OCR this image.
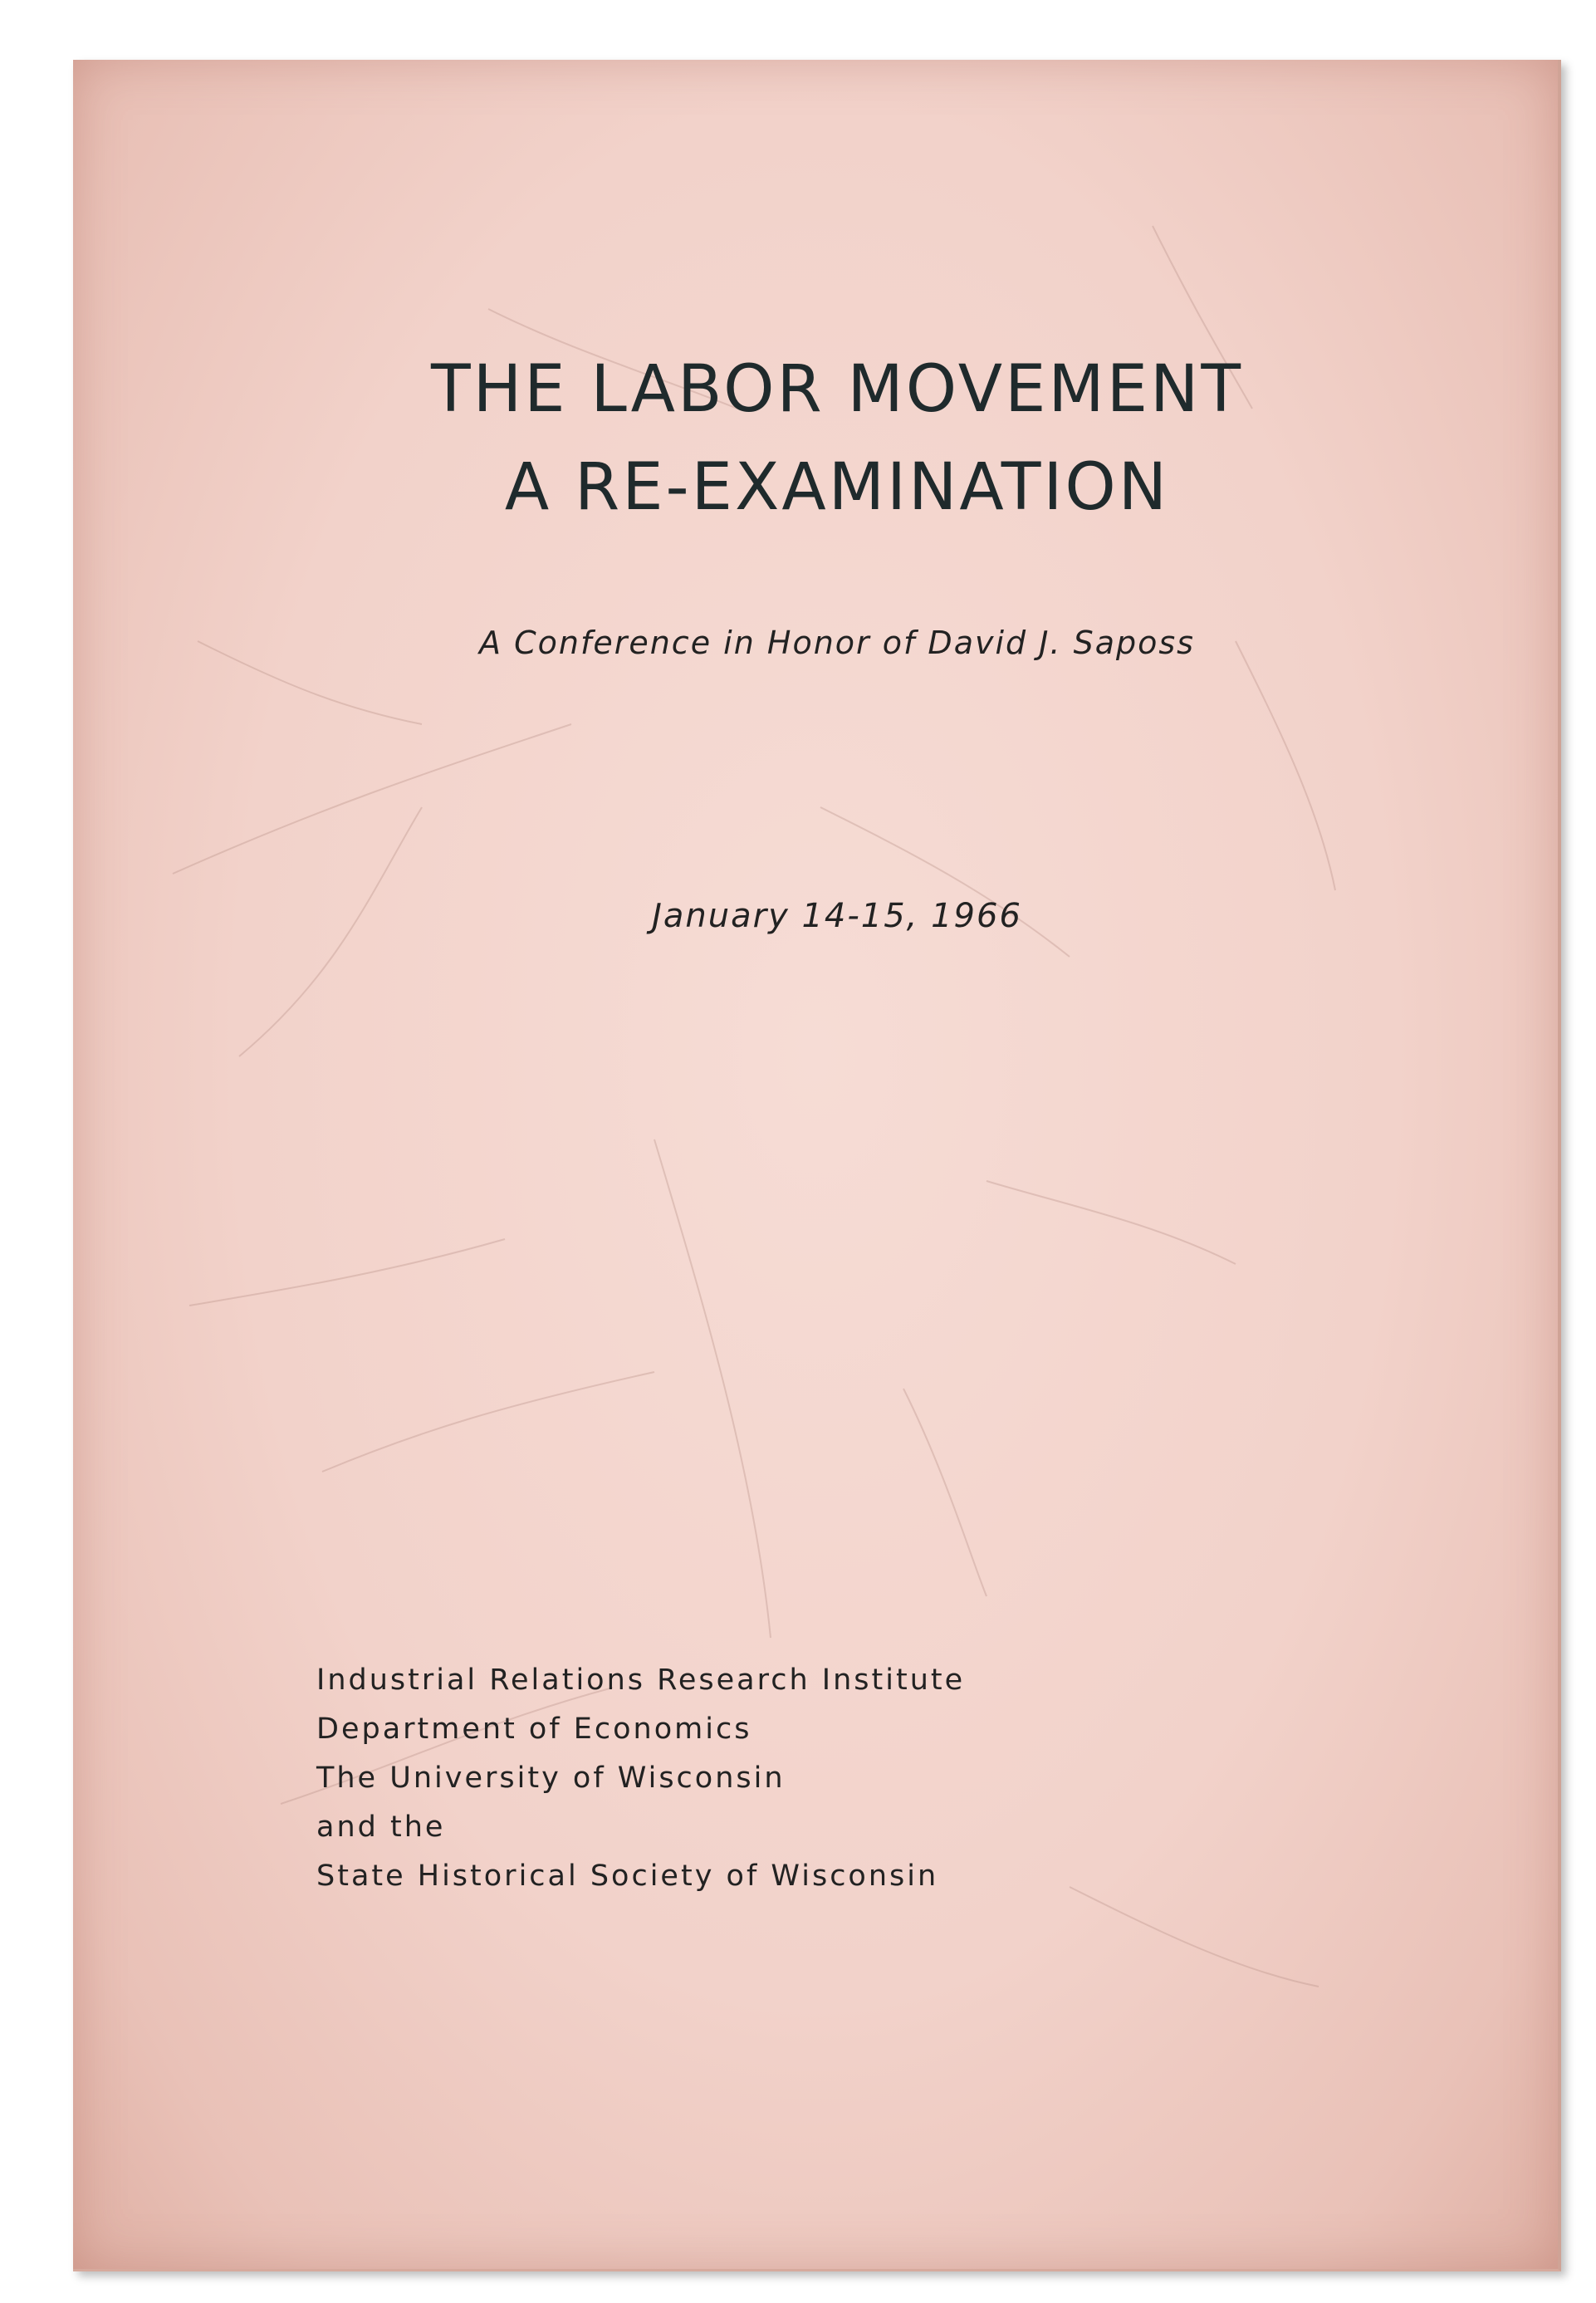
THE LABOR MOVEMENT
A RE-EXAMINATION
A Conference in Honor of David J. Saposs
January 14-15, 1966
Industrial Relations Research Institute
Department of Economics
The University of Wisconsin
and the
State Historical Society of Wisconsin
